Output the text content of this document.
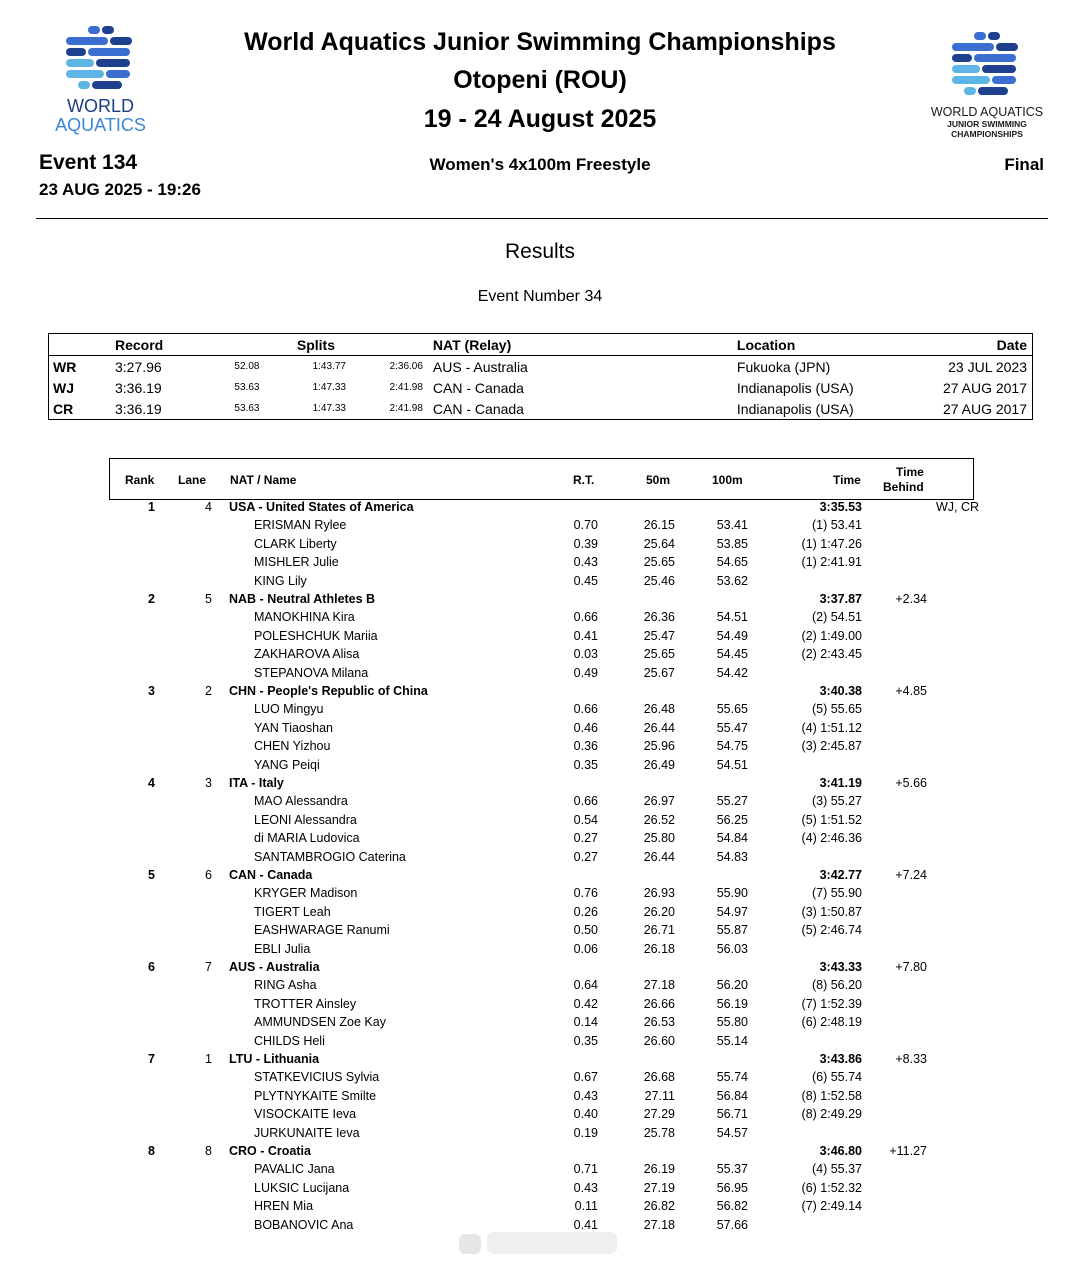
WORLD
AQUATICS
World Aquatics Junior Swimming Championships
Otopeni (ROU)
19 - 24 August 2025	WORLD AQUATICS
JUNIOR SWIMMING
CHAMPIONSHIPS
Event 134
23 AUG 2025 - 19:26
Women's 4x100m Freestyle	Final
Results
Event Number 34
	Record	Splits			NAT (Relay)	Location	Date
WR	3:27.96	52.08	1:43.77	2:36.06	AUS - Australia	Fukuoka (JPN)	23 JUL 2023
WJ	3:36.19	53.63	1:47.33	2:41.98	CAN - Canada	Indianapolis (USA)	27 AUG 2017
CR	3:36.19	53.63	1:47.33	2:41.98	CAN - Canada	Indianapolis (USA)	27 AUG 2017
Rank Lane NAT / Name	R.T.	50m	100m	Time
Time
Behind
1	4 USA - United States of America	3:35.53	WJ, CR
ERISMAN Rylee	0.70	26.15	53.41	(1) 53.41
CLARK Liberty	0.39	25.64	53.85	(1) 1:47.26
MISHLER Julie	0.43	25.65	54.65	(1) 2:41.91
KING Lily	0.45	25.46	53.62
2	5 NAB - Neutral Athletes B	3:37.87	+2.34
MANOKHINA Kira	0.66	26.36	54.51	(2) 54.51
POLESHCHUK Mariia	0.41	25.47	54.49	(2) 1:49.00
ZAKHAROVA Alisa	0.03	25.65	54.45	(2) 2:43.45
STEPANOVA Milana	0.49	25.67	54.42
3	2 CHN - People's Republic of China	3:40.38	+4.85
LUO Mingyu	0.66	26.48	55.65	(5) 55.65
YAN Tiaoshan	0.46	26.44	55.47	(4) 1:51.12
CHEN Yizhou	0.36	25.96	54.75	(3) 2:45.87
YANG Peiqi	0.35	26.49	54.51
4	3 ITA - Italy	3:41.19	+5.66
MAO Alessandra	0.66	26.97	55.27	(3) 55.27
LEONI Alessandra	0.54	26.52	56.25	(5) 1:51.52
di MARIA Ludovica	0.27	25.80	54.84	(4) 2:46.36
SANTAMBROGIO Caterina	0.27	26.44	54.83
5	6 CAN - Canada	3:42.77	+7.24
KRYGER Madison	0.76	26.93	55.90	(7) 55.90
TIGERT Leah	0.26	26.20	54.97	(3) 1:50.87
EASHWARAGE Ranumi	0.50	26.71	55.87	(5) 2:46.74
EBLI Julia	0.06	26.18	56.03
6	7 AUS - Australia	3:43.33	+7.80
RING Asha	0.64	27.18	56.20	(8) 56.20
TROTTER Ainsley	0.42	26.66	56.19	(7) 1:52.39
AMMUNDSEN Zoe Kay	0.14	26.53	55.80	(6) 2:48.19
CHILDS Heli	0.35	26.60	55.14
7	1 LTU - Lithuania	3:43.86	+8.33
STATKEVICIUS Sylvia	0.67	26.68	55.74	(6) 55.74
PLYTNYKAITE Smilte	0.43	27.11	56.84	(8) 1:52.58
VISOCKAITE Ieva	0.40	27.29	56.71	(8) 2:49.29
JURKUNAITE Ieva	0.19	25.78	54.57
8	8 CRO - Croatia	3:46.80	+11.27
PAVALIC Jana	0.71	26.19	55.37	(4) 55.37
LUKSIC Lucijana	0.43	27.19	56.95	(6) 1:52.32
HREN Mia	0.11	26.82	56.82	(7) 2:49.14
BOBANOVIC Ana	0.41	27.18	57.66
